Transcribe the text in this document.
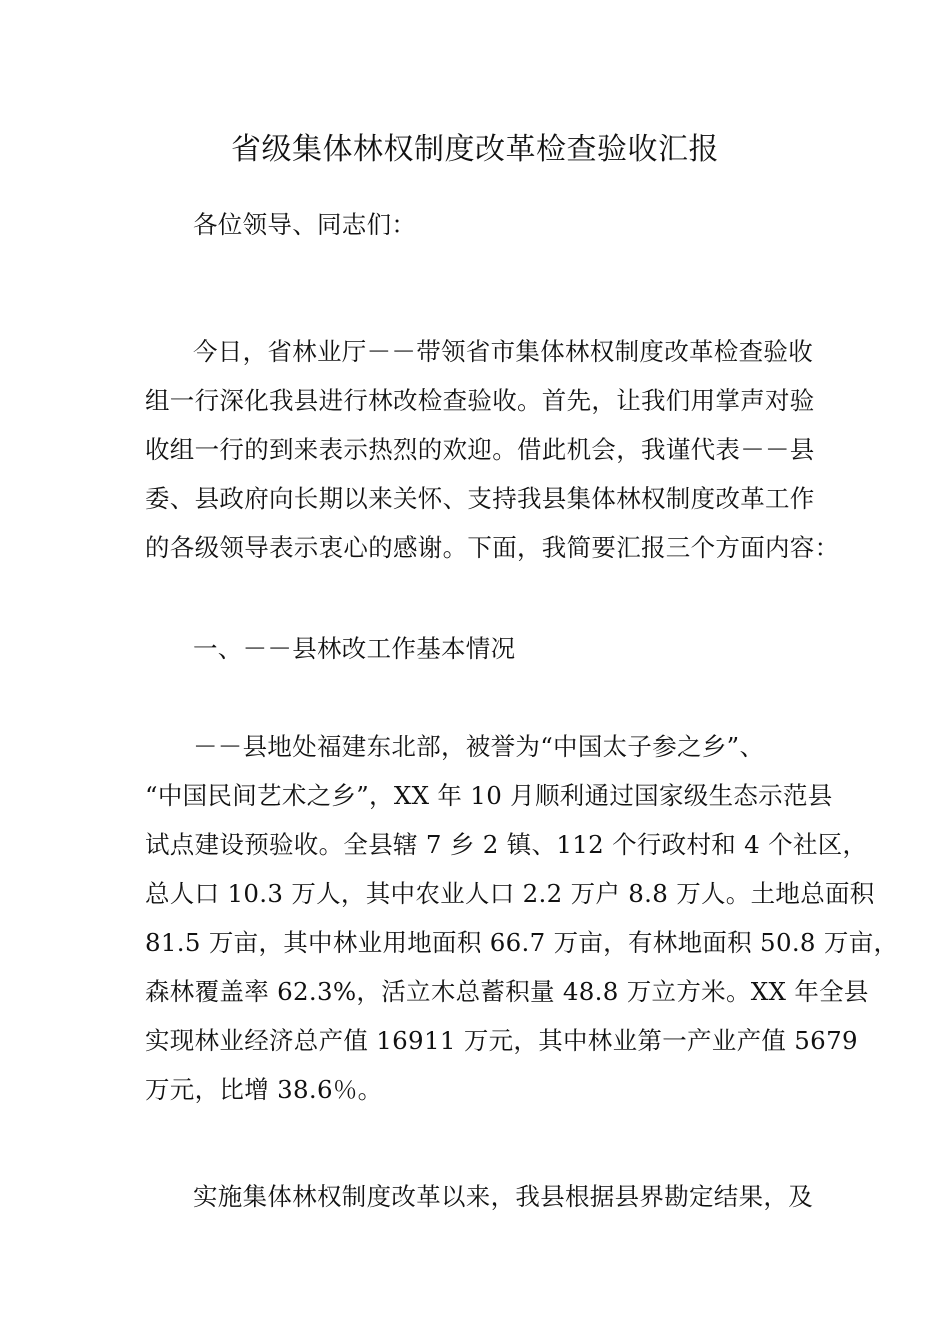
省级集体林权制度改革检查验收汇报

各位领导、同志们：

今日，省林业厅－－带领省市集体林权制度改革检查验收
组一行深化我县进行林改检查验收。首先，让我们用掌声对验
收组一行的到来表示热烈的欢迎。借此机会，我谨代表－－县
委、县政府向长期以来关怀、支持我县集体林权制度改革工作
的各级领导表示衷心的感谢。下面，我简要汇报三个方面内容：

一、－－县林改工作基本情况

－－县地处福建东北部，被誉为“中国太子参之乡”、
“中国民间艺术之乡”，XX 年 10 月顺利通过国家级生态示范县
试点建设预验收。全县辖 7 乡 2 镇、112 个行政村和 4 个社区，
总人口 10.3 万人，其中农业人口 2.2 万户 8.8 万人。土地总面积
81.5 万亩，其中林业用地面积 66.7 万亩，有林地面积 50.8 万亩，
森林覆盖率 62.3%，活立木总蓄积量 48.8 万立方米。XX 年全县
实现林业经济总产值 16911 万元，其中林业第一产业产值 5679
万元，比增 38.6％。

实施集体林权制度改革以来，我县根据县界勘定结果，及
